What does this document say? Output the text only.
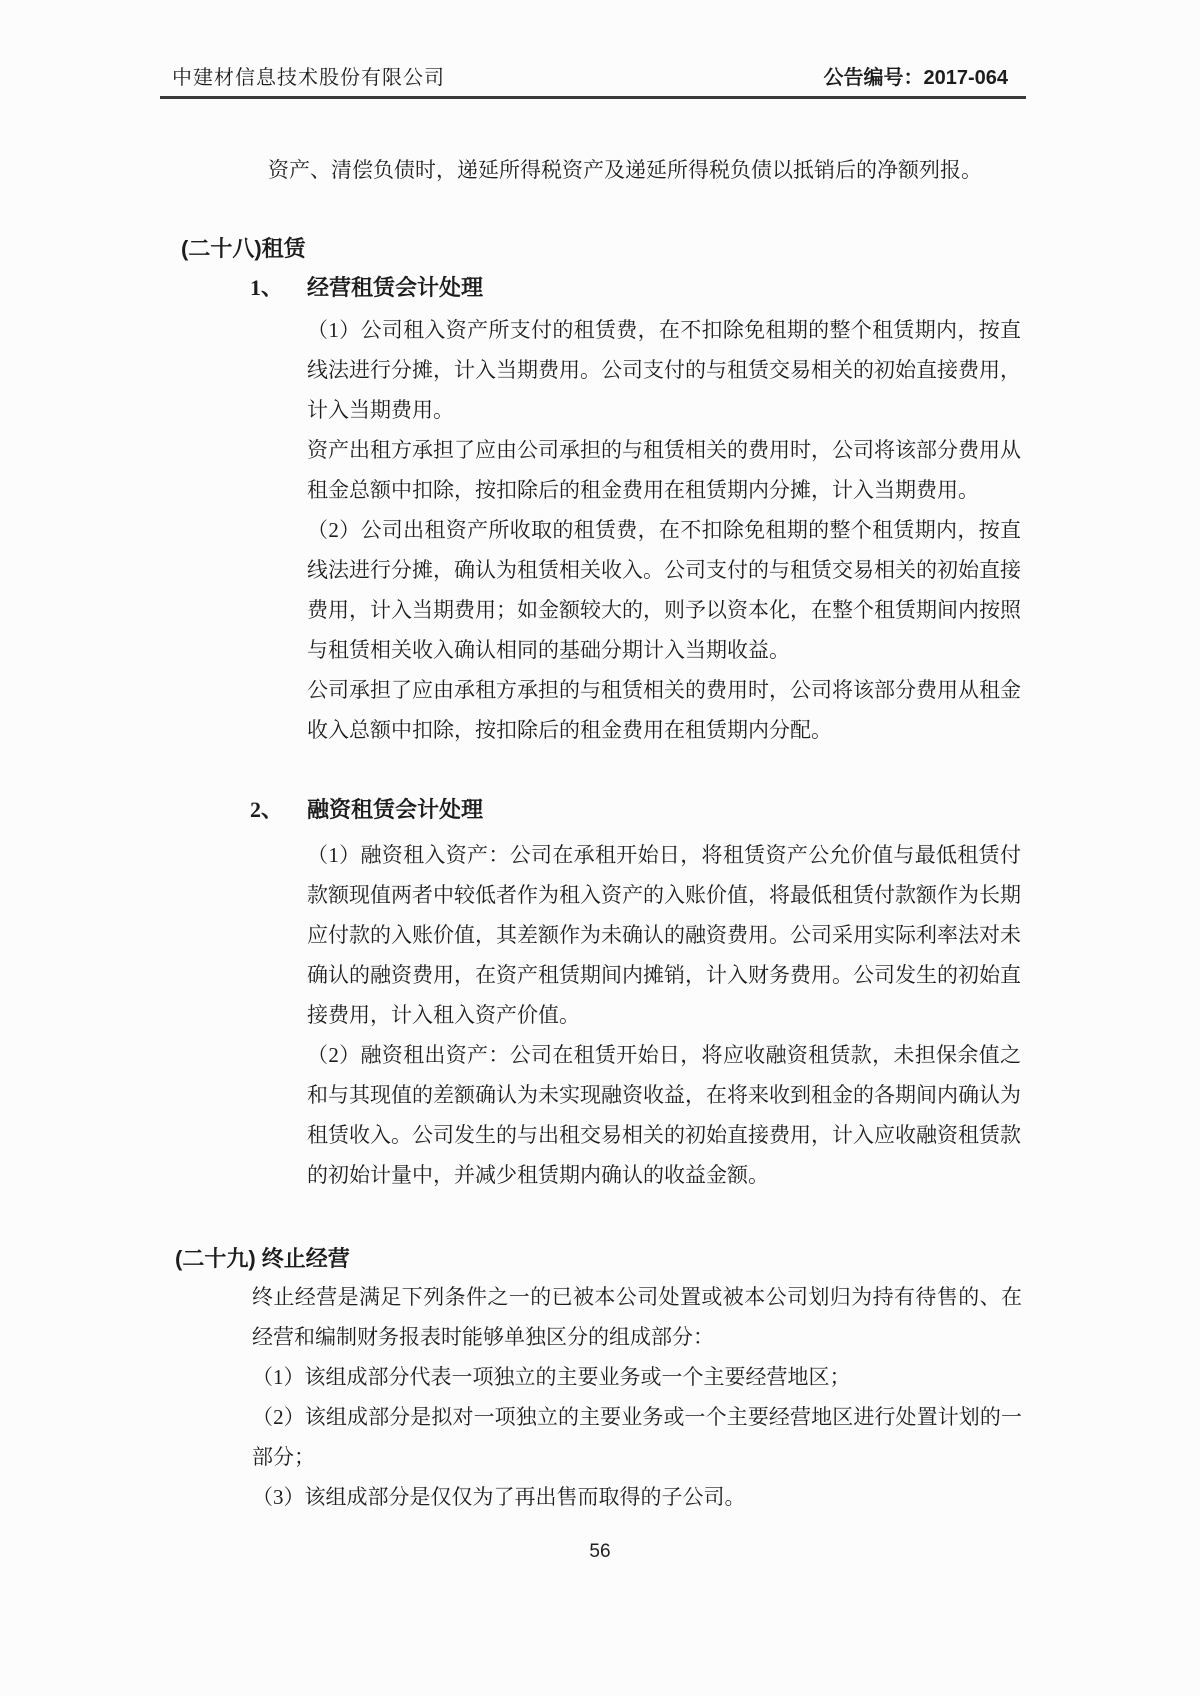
中建材信息技术股份有限公司	公告编号：2017-064
资产、清偿负债时，递延所得税资产及递延所得税负债以抵销后的净额列报。
(二十八)租赁
1、 经营租赁会计处理
（1）公司租入资产所支付的租赁费，在不扣除免租期的整个租赁期内，按直
线法进行分摊，计入当期费用。公司支付的与租赁交易相关的初始直接费用，
计入当期费用。
资产出租方承担了应由公司承担的与租赁相关的费用时，公司将该部分费用从
租金总额中扣除，按扣除后的租金费用在租赁期内分摊，计入当期费用。
（2）公司出租资产所收取的租赁费，在不扣除免租期的整个租赁期内，按直
线法进行分摊，确认为租赁相关收入。公司支付的与租赁交易相关的初始直接
费用，计入当期费用；如金额较大的，则予以资本化，在整个租赁期间内按照
与租赁相关收入确认相同的基础分期计入当期收益。
公司承担了应由承租方承担的与租赁相关的费用时，公司将该部分费用从租金
收入总额中扣除，按扣除后的租金费用在租赁期内分配。
2、 融资租赁会计处理
（1）融资租入资产：公司在承租开始日，将租赁资产公允价值与最低租赁付
款额现值两者中较低者作为租入资产的入账价值，将最低租赁付款额作为长期
应付款的入账价值，其差额作为未确认的融资费用。公司采用实际利率法对未
确认的融资费用，在资产租赁期间内摊销，计入财务费用。公司发生的初始直
接费用，计入租入资产价值。
（2）融资租出资产：公司在租赁开始日，将应收融资租赁款，未担保余值之
和与其现值的差额确认为未实现融资收益，在将来收到租金的各期间内确认为
租赁收入。公司发生的与出租交易相关的初始直接费用，计入应收融资租赁款
的初始计量中，并减少租赁期内确认的收益金额。
(二十九) 终止经营
终止经营是满足下列条件之一的已被本公司处置或被本公司划归为持有待售的、在
经营和编制财务报表时能够单独区分的组成部分：
（1）该组成部分代表一项独立的主要业务或一个主要经营地区；
（2）该组成部分是拟对一项独立的主要业务或一个主要经营地区进行处置计划的一
部分；
（3）该组成部分是仅仅为了再出售而取得的子公司。
56
